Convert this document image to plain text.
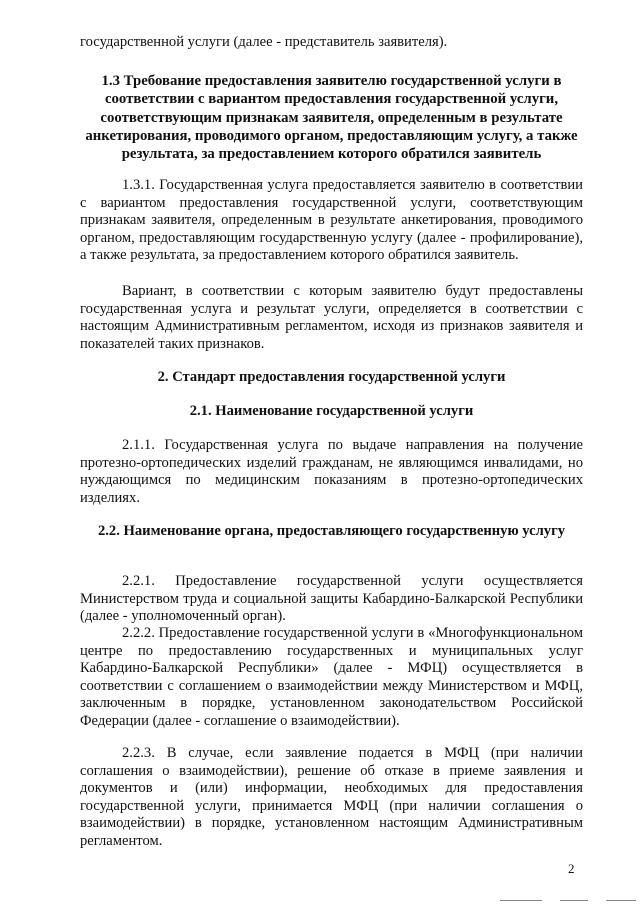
государственной услуги (далее - представитель заявителя).

1.3 Требование предоставления заявителю государственной услуги в соответствии с вариантом предоставления государственной услуги, соответствующим признакам заявителя, определенным в результате анкетирования, проводимого органом, предоставляющим услугу, а также результата, за предоставлением которого обратился заявитель

1.3.1. Государственная услуга предоставляется заявителю в соответствии с вариантом предоставления государственной услуги, соответствующим признакам заявителя, определенным в результате анкетирования, проводимого органом, предоставляющим государственную услугу (далее - профилирование), а также результата, за предоставлением которого обратился заявитель.

Вариант, в соответствии с которым заявителю будут предоставлены государственная услуга и результат услуги, определяется в соответствии с настоящим Административным регламентом, исходя из признаков заявителя и показателей таких признаков.

2. Стандарт предоставления государственной услуги
2.1. Наименование государственной услуги

2.1.1. Государственная услуга по выдаче направления на получение протезно-ортопедических изделий гражданам, не являющимся инвалидами, но нуждающимся по медицинским показаниям в протезно-ортопедических изделиях.

2.2. Наименование органа, предоставляющего государственную услугу

2.2.1. Предоставление государственной услуги осуществляется Министерством труда и социальной защиты Кабардино-Балкарской Республики (далее - уполномоченный орган).

2.2.2. Предоставление государственной услуги в «Многофункциональном центре по предоставлению государственных и муниципальных услуг Кабардино-Балкарской Республики» (далее - МФЦ) осуществляется в соответствии с соглашением о взаимодействии между Министерством и МФЦ, заключенным в порядке, установленном законодательством Российской Федерации (далее - соглашение о взаимодействии).

2.2.3. В случае, если заявление подается в МФЦ (при наличии соглашения о взаимодействии), решение об отказе в приеме заявления и документов и (или) информации, необходимых для предоставления государственной услуги, принимается МФЦ (при наличии соглашения о взаимодействии) в порядке, установленном настоящим Административным регламентом.

2
